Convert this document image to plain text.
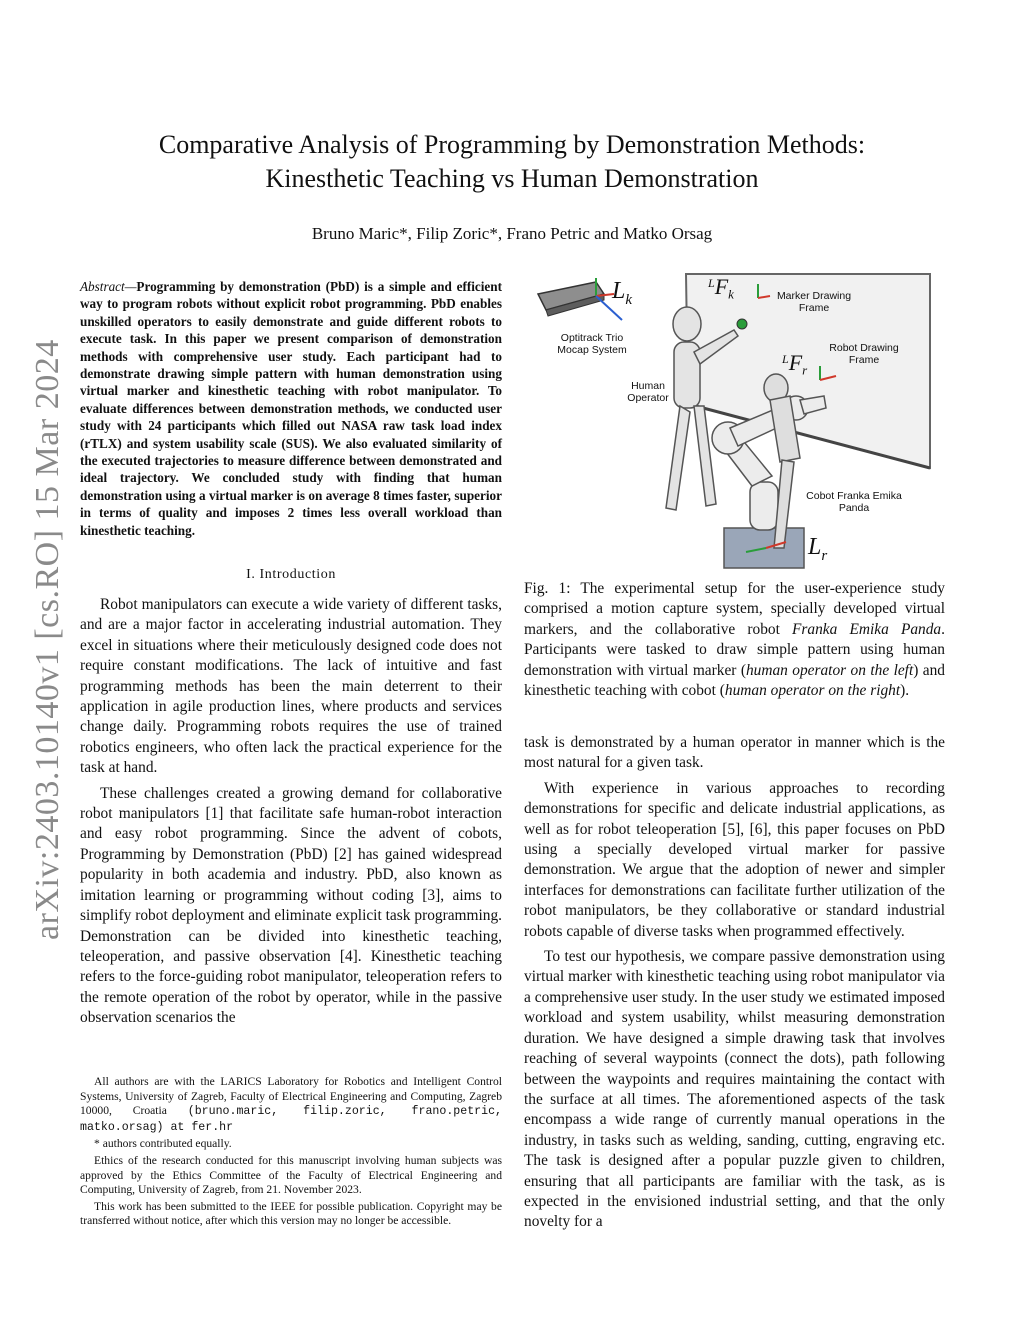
arXiv:2403.10140v1 [cs.RO] 15 Mar 2024
Comparative Analysis of Programming by Demonstration Methods:
Kinesthetic Teaching vs Human Demonstration
Bruno Maric*, Filip Zoric*, Frano Petric and Matko Orsag
Abstract—Programming by demonstration (PbD) is a simple and efficient way to program robots without explicit robot programming. PbD enables unskilled operators to easily demonstrate and guide different robots to execute task. In this paper we present comparison of demonstration methods with comprehensive user study. Each participant had to demonstrate drawing simple pattern with human demonstration using virtual marker and kinesthetic teaching with robot manipulator. To evaluate differences between demonstration methods, we conducted user study with 24 participants which filled out NASA raw task load index (rTLX) and system usability scale (SUS). We also evaluated similarity of the executed trajectories to measure difference between demonstrated and ideal trajectory. We concluded study with finding that human demonstration using a virtual marker is on average 8 times faster, superior in terms of quality and imposes 2 times less overall workload than kinesthetic teaching.
I. Introduction

Robot manipulators can execute a wide variety of different tasks, and are a major factor in accelerating industrial automation. They excel in situations where their meticulously designed code does not require constant modifications. The lack of intuitive and fast programming methods has been the main deterrent to their application in agile production lines, where products and services change daily. Programming robots requires the use of trained robotics engineers, who often lack the practical experience for the task at hand.

These challenges created a growing demand for collaborative robot manipulators [1] that facilitate safe human-robot interaction and easy robot programming. Since the advent of cobots, Programming by Demonstration (PbD) [2] has gained widespread popularity in both academia and industry. PbD, also known as imitation learning or programming without coding [3], aims to simplify robot deployment and eliminate explicit task programming. Demonstration can be divided into kinesthetic teaching, teleoperation, and passive observation [4]. Kinesthetic teaching refers to the force-guiding robot manipulator, teleoperation refers to the remote operation of the robot by operator, while in the passive observation scenarios the

All authors are with the LARICS Laboratory for Robotics and Intelligent Control Systems, University of Zagreb, Faculty of Electrical Engineering and Computing, Zagreb 10000, Croatia (bruno.maric, filip.zoric, frano.petric, matko.orsag) at fer.hr

* authors contributed equally.

Ethics of the research conducted for this manuscript involving human subjects was approved by the Ethics Committee of the Faculty of Electrical Engineering and Computing, University of Zagreb, from 21. November 2023.

This work has been submitted to the IEEE for possible publication. Copyright may be transferred without notice, after which this version may no longer be accessible.

$L_k$
$^LF_k$
$^LF_r$
$L_r$
Optitrack Trio Mocap System
Human Operator
Marker Drawing Frame
Robot Drawing Frame
Cobot Franka Emika Panda
Fig. 1: The experimental setup for the user-experience study comprised a motion capture system, specially developed virtual markers, and the collaborative robot Franka Emika Panda. Participants were tasked to draw simple pattern using human demonstration with virtual marker (human operator on the left) and kinesthetic teaching with cobot (human operator on the right).

task is demonstrated by a human operator in manner which is the most natural for a given task.

With experience in various approaches to recording demonstrations for specific and delicate industrial applications, as well as for robot teleoperation [5], [6], this paper focuses on PbD using a specially developed virtual marker for passive demonstration. We argue that the adoption of newer and simpler interfaces for demonstrations can facilitate further utilization of the robot manipulators, be they collaborative or standard industrial robots capable of diverse tasks when programmed effectively.

To test our hypothesis, we compare passive demonstration using virtual marker with kinesthetic teaching using robot manipulator via a comprehensive user study. In the user study we estimated imposed workload and system usability, whilst measuring demonstration duration. We have designed a simple drawing task that involves reaching of several waypoints (connect the dots), path following between the waypoints and requires maintaining the contact with the surface at all times. The aforementioned aspects of the task encompass a wide range of currently manual operations in the industry, in tasks such as welding, sanding, cutting, engraving etc. The task is designed after a popular puzzle given to children, ensuring that all participants are familiar with the task, as is expected in the envisioned industrial setting, and that the only novelty for a
